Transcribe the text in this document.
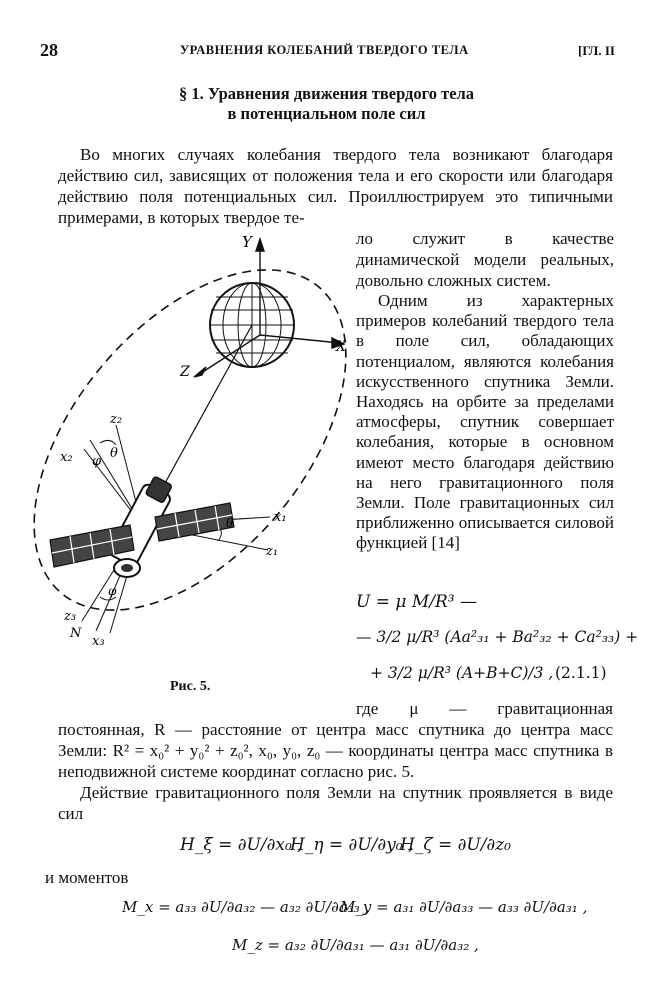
28	УРАВНЕНИЯ КОЛЕБАНИЙ ТВЕРДОГО ТЕЛА	[ГЛ. II
§ 1. Уравнения движения твердого тела
в потенциальном поле сил
Во многих случаях колебания твердого тела возникают благодаря действию сил, зависящих от положения тела и его скорости или благодаря действию поля потенциальных сил. Проиллюстрируем это типичными примерами, в которых твердое те-
ло служит в качестве динамической модели реальных, довольно сложных систем.
Одним из характерных примеров колебаний твердого тела в поле сил, обладающих потенциалом, являются колебания искусственного спутника Земли. Находясь на орбите за пределами атмосферы, спутник совершает колебания, которые в основном имеют место благодаря действию на него гравитационного поля Земли. Поле гравитационных сил приближенно описывается силовой функцией [14]
Y
X
Z
z₂
x₂ φ
θ
x₁
z₁
θ
z₃
N
x₃
φ
Рис. 5.
U = μ M/R³ —
— 3/2 μ/R³ (Aa²₃₁ + Ba²₃₂ + Ca²₃₃) +
+ 3/2 μ/R³ (A+B+C)/3 , (2.1.1)
где μ — гравитационная постоянная, R — расстояние от центра масс спутника до центра масс Земли: R² = x₀² + y₀² + z₀², x₀, y₀, z₀ — координаты центра масс спутника в неподвижной системе координат согласно рис. 5.
Действие гравитационного поля Земли на спутник проявляется в виде сил
H_ξ = ∂U/∂x₀ ,
H_η = ∂U/∂y₀ ,
H_ζ = ∂U/∂z₀
и моментов
M_x = a₃₃ ∂U/∂a₃₂ — a₃₂ ∂U/∂a₃₃ ,
M_y = a₃₁ ∂U/∂a₃₃ — a₃₃ ∂U/∂a₃₁ ,
M_z = a₃₂ ∂U/∂a₃₁ — a₃₁ ∂U/∂a₃₂ ,
